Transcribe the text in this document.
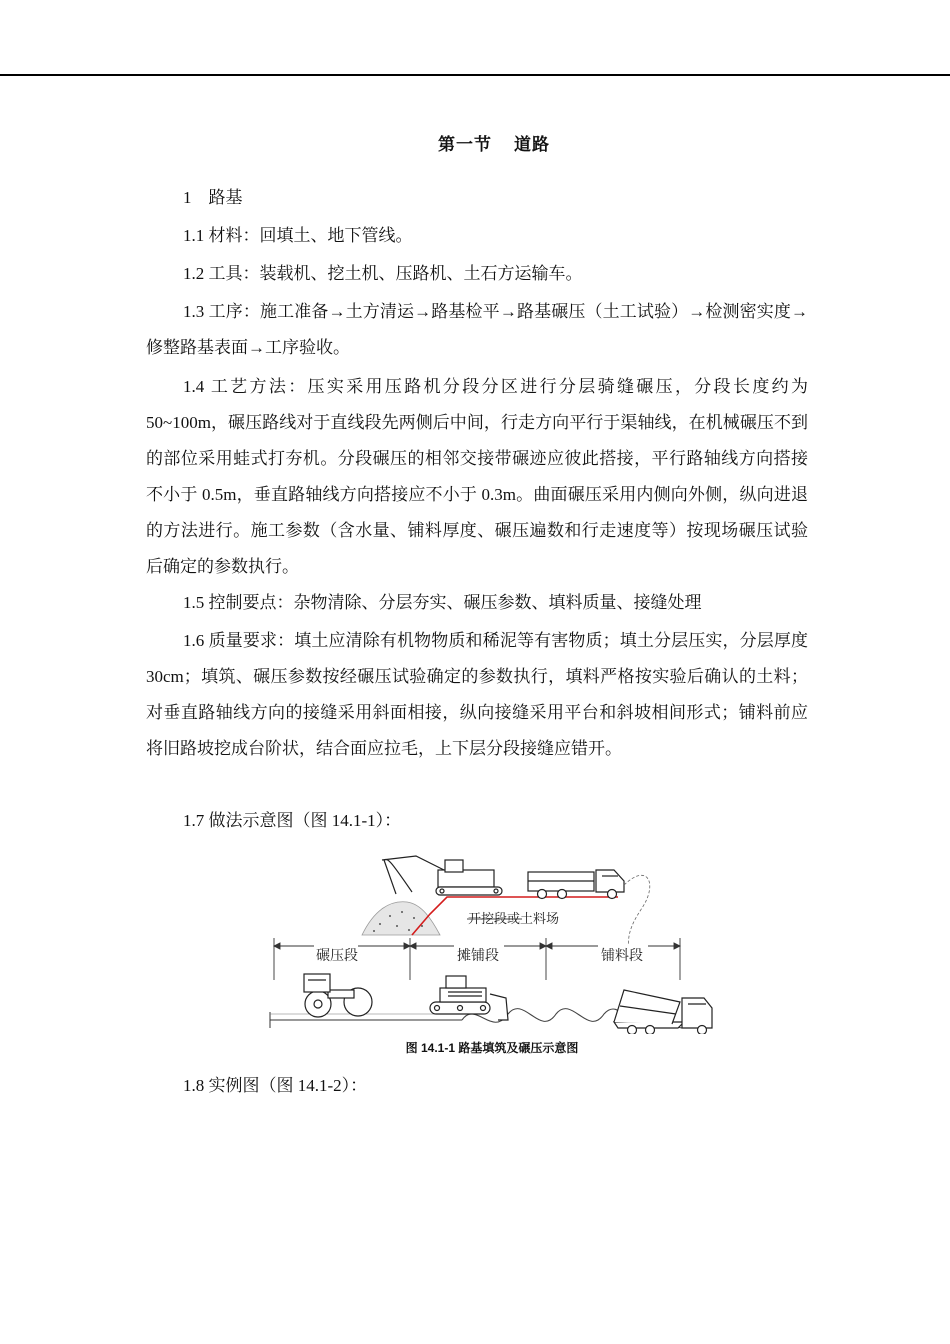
第一节 道路
1　路基
1.1 材料：回填土、地下管线。
1.2 工具：装载机、挖土机、压路机、土石方运输车。
1.3 工序：施工准备→土方清运→路基检平→路基碾压（土工试验）→检测密实度→修整路基表面→工序验收。
1.4 工艺方法：压实采用压路机分段分区进行分层骑缝碾压，分段长度约为50~100m，碾压路线对于直线段先两侧后中间，行走方向平行于渠轴线，在机械碾压不到的部位采用蛙式打夯机。分段碾压的相邻交接带碾迹应彼此搭接，平行路轴线方向搭接不小于 0.5m，垂直路轴线方向搭接应不小于 0.3m。曲面碾压采用内侧向外侧，纵向进退的方法进行。施工参数（含水量、铺料厚度、碾压遍数和行走速度等）按现场碾压试验后确定的参数执行。
1.5 控制要点：杂物清除、分层夯实、碾压参数、填料质量、接缝处理
1.6 质量要求：填土应清除有机物物质和稀泥等有害物质；填土分层压实，分层厚度 30cm；填筑、碾压参数按经碾压试验确定的参数执行，填料严格按实验后确认的土料；对垂直路轴线方向的接缝采用斜面相接，纵向接缝采用平台和斜坡相间形式；铺料前应将旧路坡挖成台阶状，结合面应拉毛，上下层分段接缝应错开。
1.7 做法示意图（图 14.1-1）：
开挖段或土料场
碾压段	摊铺段	铺料段
图 14.1-1 路基填筑及碾压示意图
1.8 实例图（图 14.1-2）：
